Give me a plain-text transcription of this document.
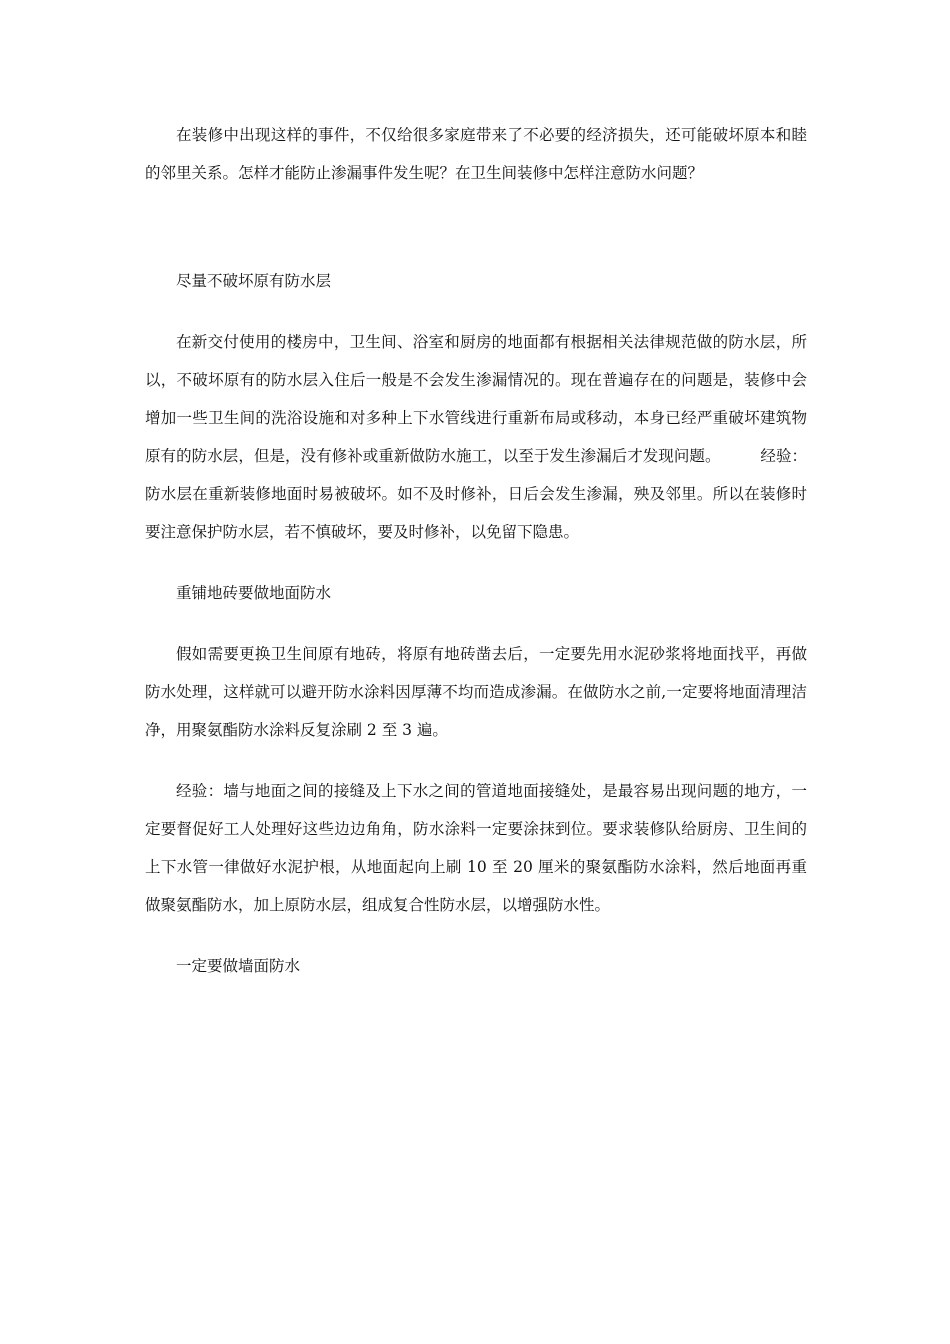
在装修中出现这样的事件，不仅给很多家庭带来了不必要的经济损失，还可能破坏原本和睦的邻里关系。怎样才能防止渗漏事件发生呢？在卫生间装修中怎样注意防水问题？

尽量不破坏原有防水层

在新交付使用的楼房中，卫生间、浴室和厨房的地面都有根据相关法律规范做的防水层，所以，不破坏原有的防水层入住后一般是不会发生渗漏情况的。现在普遍存在的问题是，装修中会增加一些卫生间的洗浴设施和对多种上下水管线进行重新布局或移动，本身已经严重破坏建筑物原有的防水层，但是，没有修补或重新做防水施工，以至于发生渗漏后才发现问题。        经验：防水层在重新装修地面时易被破坏。如不及时修补，日后会发生渗漏，殃及邻里。所以在装修时要注意保护防水层，若不慎破坏，要及时修补，以免留下隐患。

重铺地砖要做地面防水

假如需要更换卫生间原有地砖，将原有地砖凿去后，一定要先用水泥砂浆将地面找平，再做防水处理，这样就可以避开防水涂料因厚薄不均而造成渗漏。在做防水之前,一定要将地面清理洁净，用聚氨酯防水涂料反复涂刷 2 至 3 遍。

经验：墙与地面之间的接缝及上下水之间的管道地面接缝处，是最容易出现问题的地方，一定要督促好工人处理好这些边边角角，防水涂料一定要涂抹到位。要求装修队给厨房、卫生间的上下水管一律做好水泥护根，从地面起向上刷 10 至 20 厘米的聚氨酯防水涂料，然后地面再重做聚氨酯防水，加上原防水层，组成复合性防水层，以增强防水性。

一定要做墙面防水
